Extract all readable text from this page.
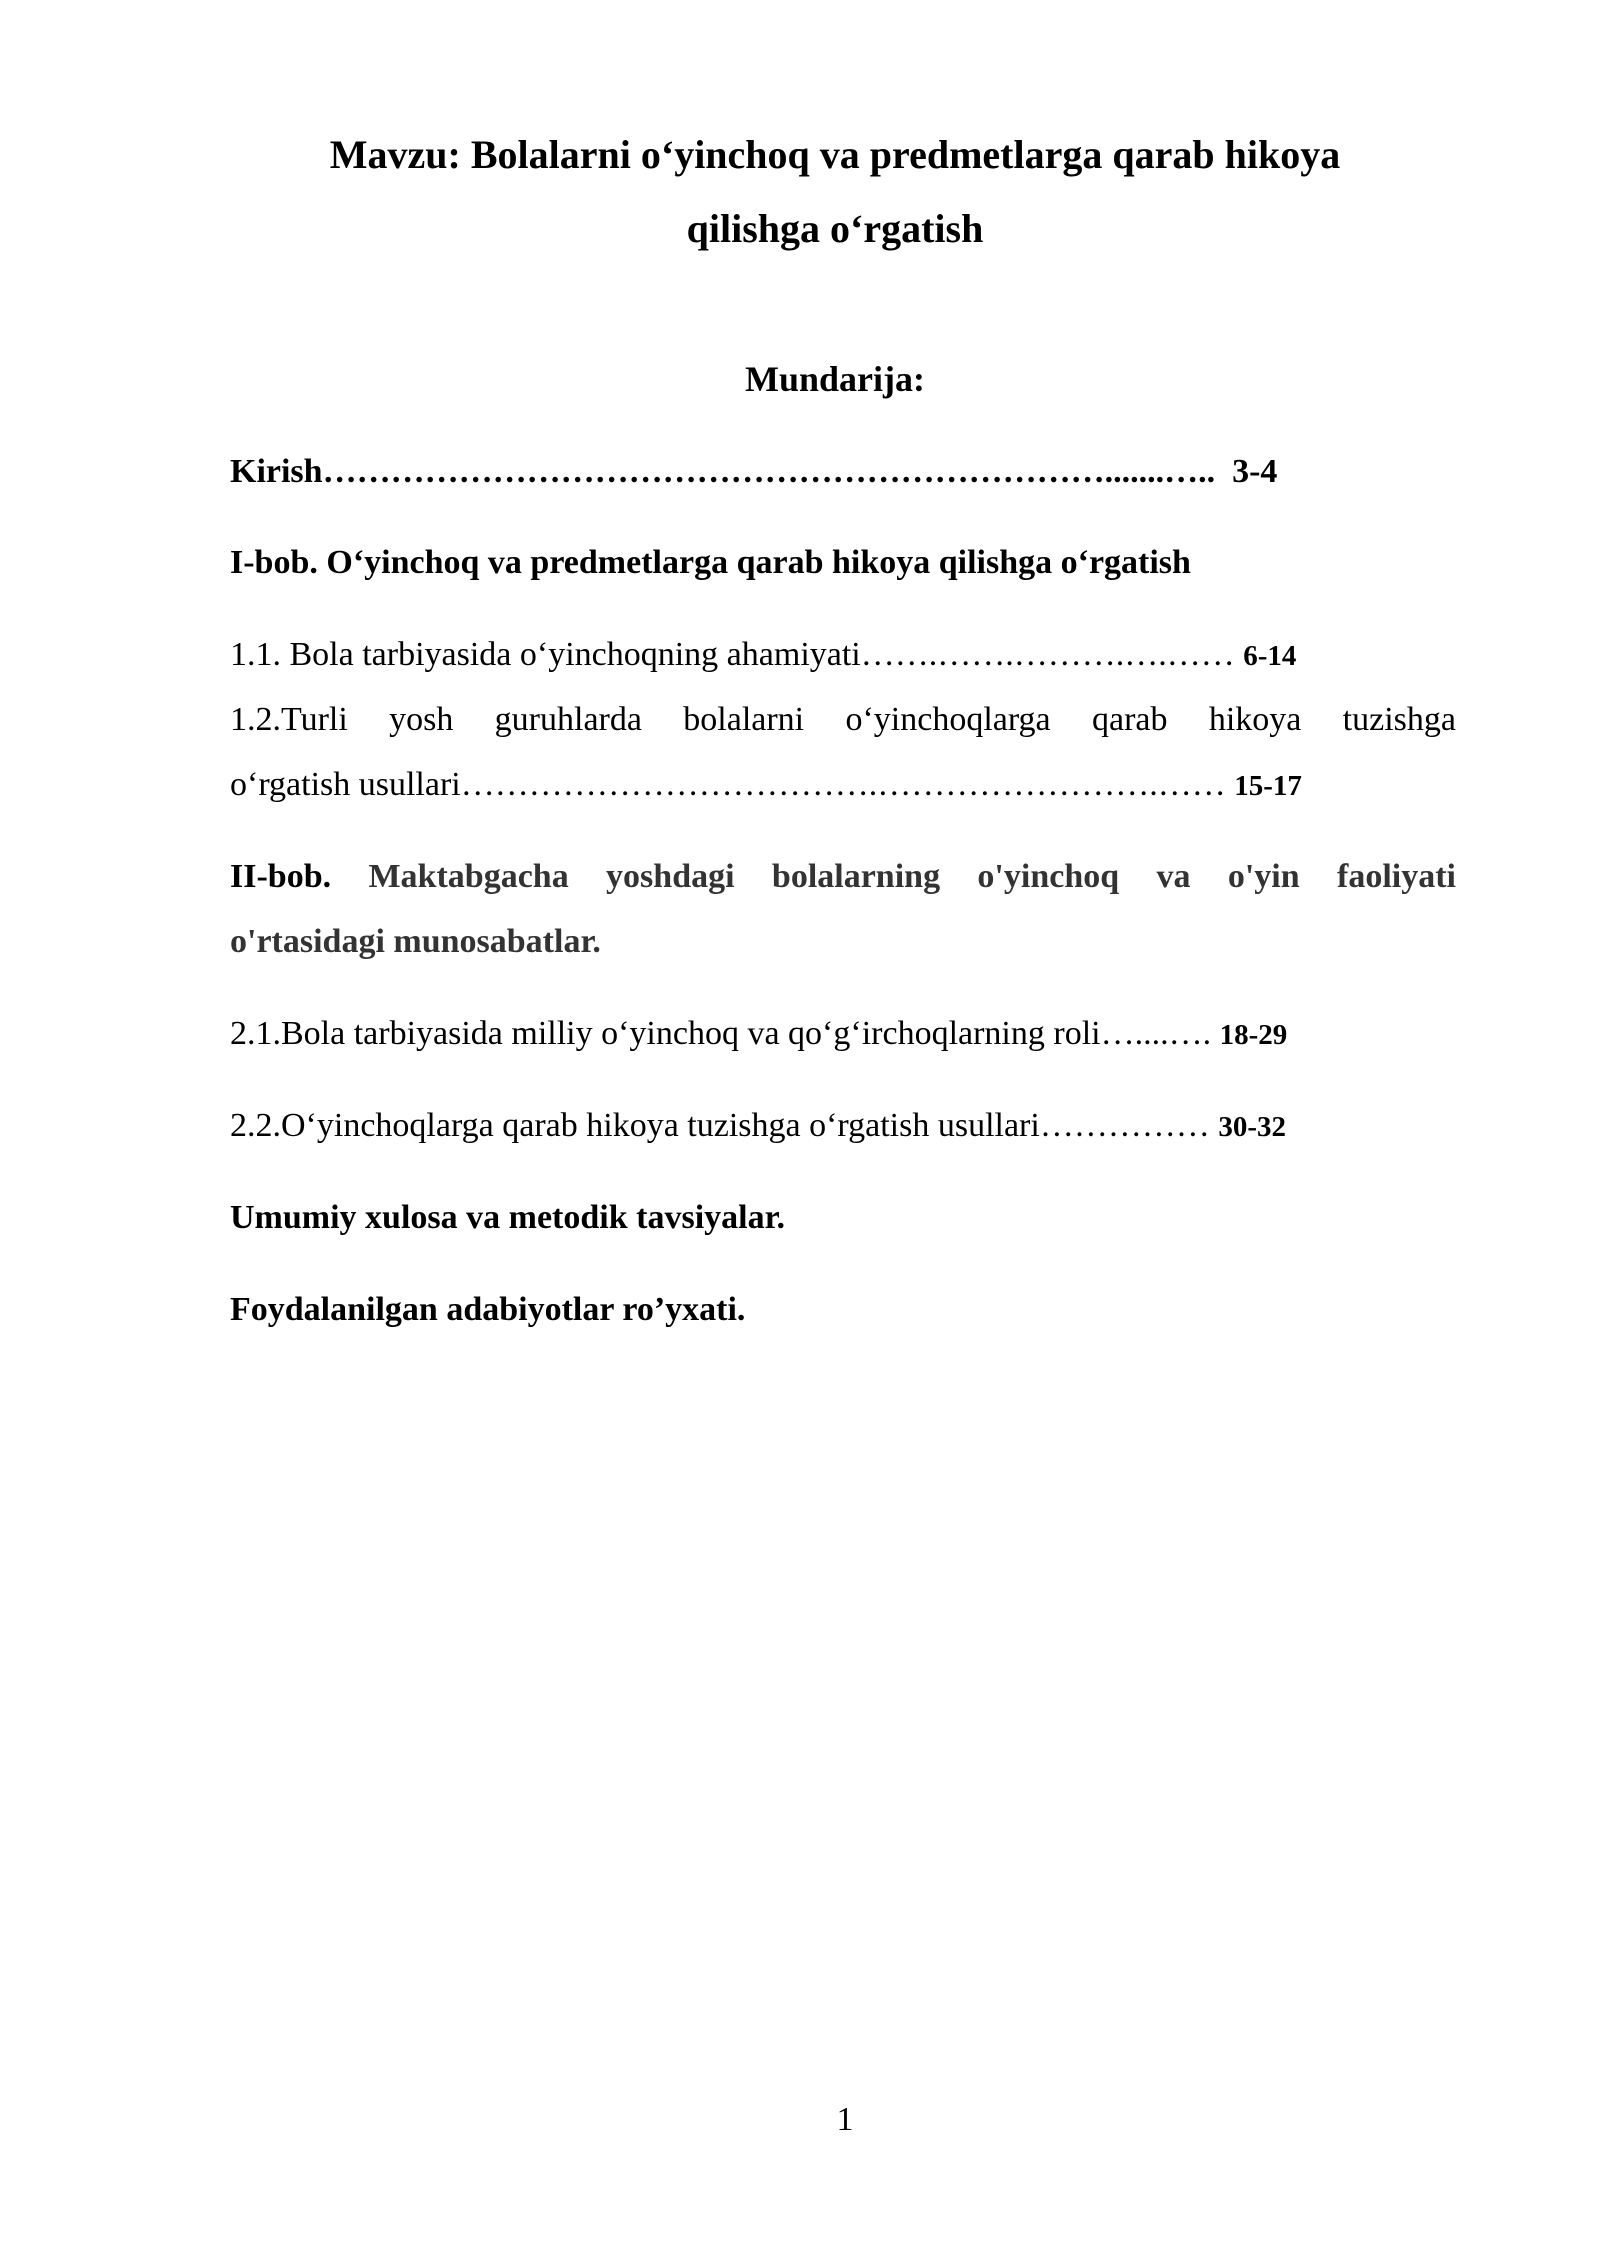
Mavzu: Bolalarni o‘yinchoq va predmetlarga qarab hikoya
qilishga o‘rgatish
Mundarija:
Kirish…………………………………………………………….......….. 3-4
I-bob. O‘yinchoq va predmetlarga qarab hikoya qilishga o‘rgatish
1.1. Bola tarbiyasida o‘yinchoqning ahamiyati…….…….……….….…… 6-14
1.2.Turli yosh guruhlarda bolalarni o‘yinchoqlarga qarab hikoya tuzishga
o‘rgatish usullari……………………………….…………………….…… 15-17
II-bob. Maktabgacha yoshdagi bolalarning o'yinchoq va o'yin faoliyati
o'rtasidagi munosabatlar.
2.1.Bola tarbiyasida milliy o‘yinchoq va qo‘g‘irchoqlarning roli…....…. 18-29
2.2.O‘yinchoqlarga qarab hikoya tuzishga o‘rgatish usullari…………… 30-32
Umumiy xulosa va metodik tavsiyalar.
Foydalanilgan adabiyotlar ro’yxati.
1
